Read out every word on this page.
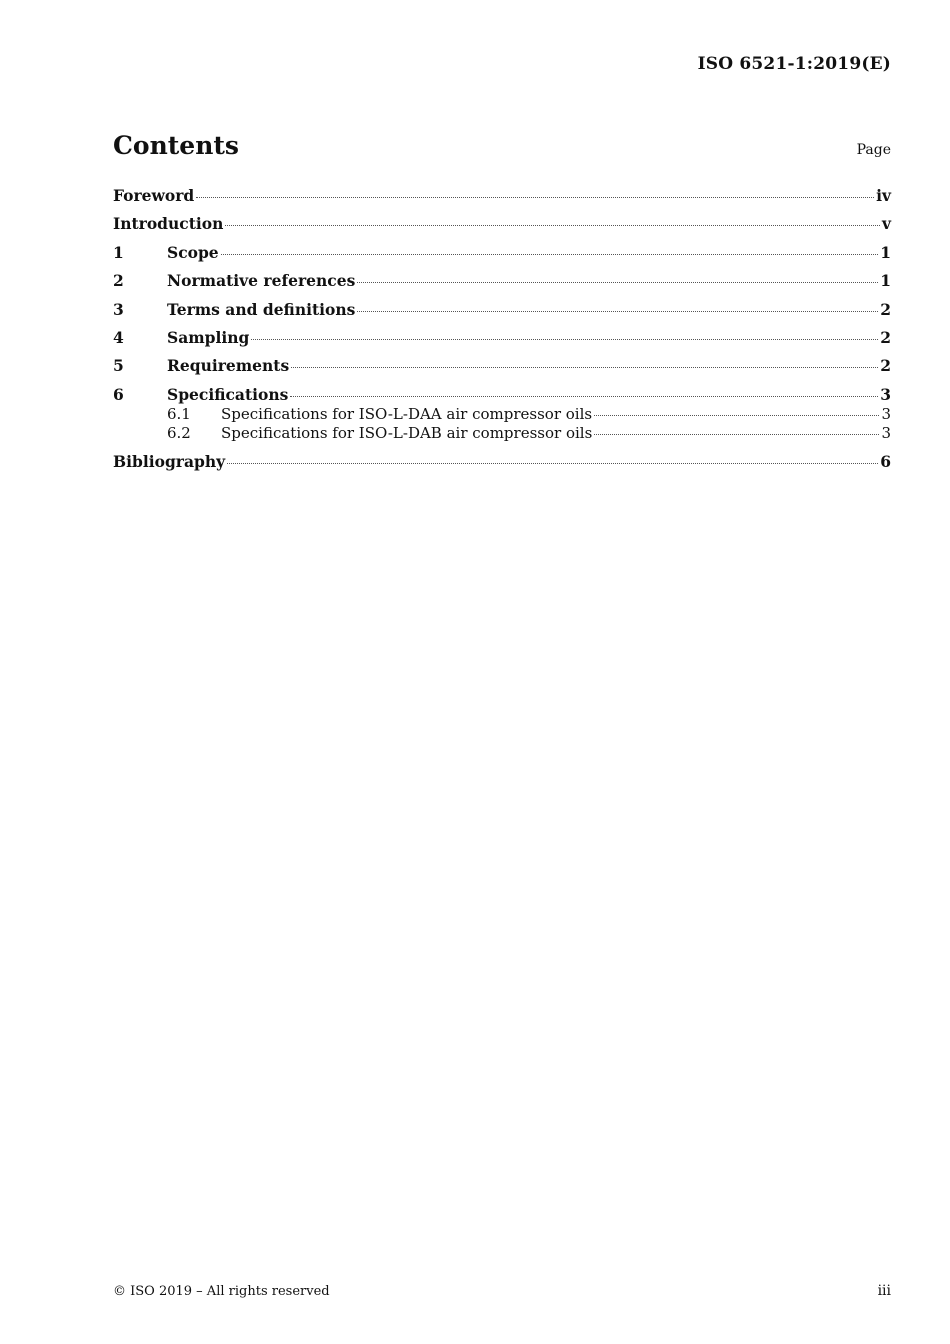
ISO 6521-1:2019(E)
Contents	Page
Foreword	iv
Introduction	v
1	Scope	1
2	Normative references	1
3	Terms and definitions	2
4	Sampling	2
5	Requirements	2
6	Specifications	3
6.1	Specifications for ISO-L-DAA air compressor oils	3
6.2	Specifications for ISO-L-DAB air compressor oils	3
Bibliography	6
© ISO 2019 – All rights reserved	iii
